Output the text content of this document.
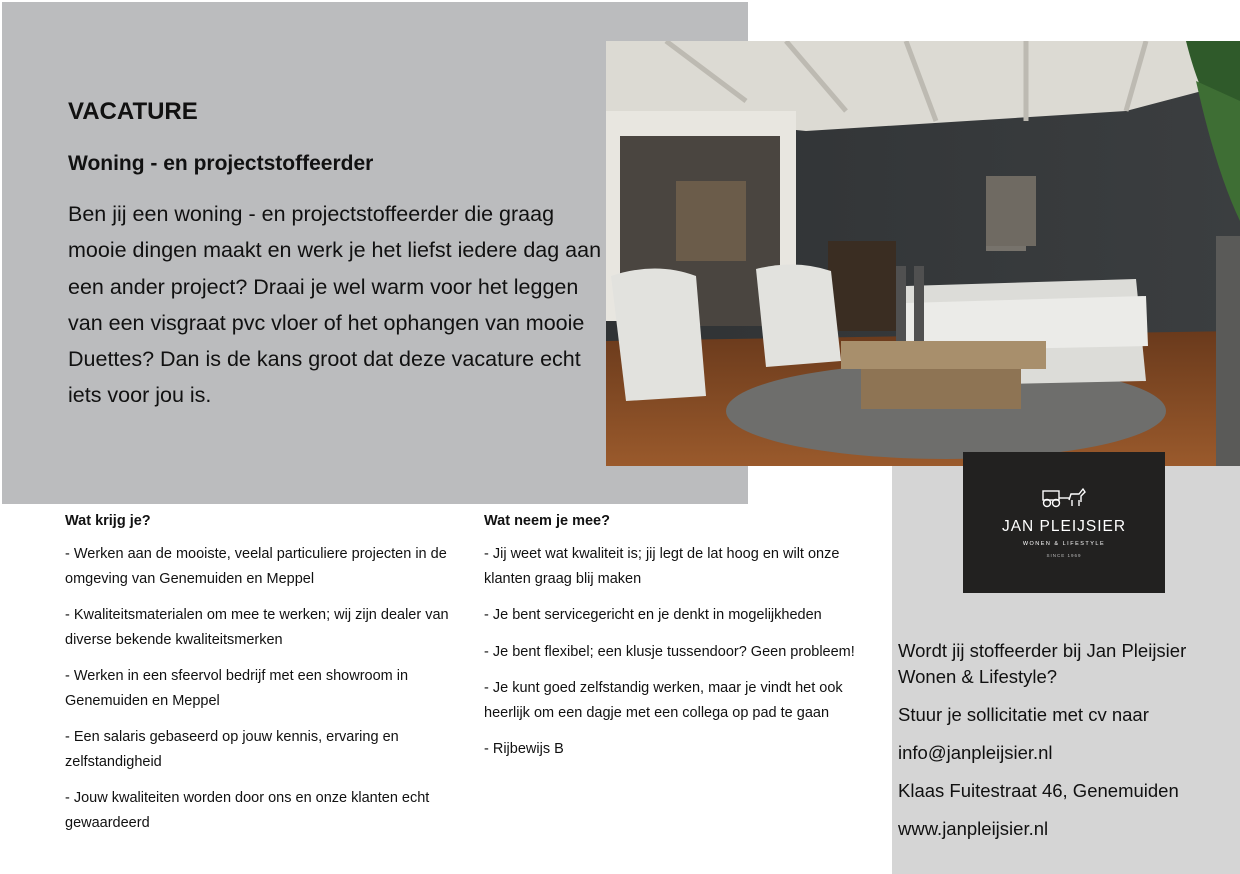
VACATURE
Woning - en projectstoffeerder

Ben jij een woning - en projectstoffeerder die graag mooie dingen maakt en werk je het liefst iedere dag aan een ander project? Draai je wel warm voor het leggen van een visgraat pvc vloer of het ophangen van mooie Duettes? Dan is de kans groot dat deze vacature echt iets voor jou is.

JAN PLEIJSIER
WONEN & LIFESTYLE
SINCE 1969
Wat krijg je?
- Werken aan de mooiste, veelal particuliere projecten in de omgeving van Genemuiden en Meppel
- Kwaliteitsmaterialen om mee te werken; wij zijn dealer van diverse bekende kwaliteitsmerken
- Werken in een sfeervol bedrijf met een showroom in Genemuiden en Meppel
- Een salaris gebaseerd op jouw kennis, ervaring en zelfstandigheid
- Jouw kwaliteiten worden door ons en onze klanten echt gewaardeerd
Wat neem je mee?
- Jij weet wat kwaliteit is; jij legt de lat hoog en wilt onze klanten graag blij maken
- Je bent servicegericht en je denkt in mogelijkheden
- Je bent flexibel; een klusje tussendoor? Geen probleem!
- Je kunt goed zelfstandig werken, maar je vindt het ook heerlijk om een dagje met een collega op pad te gaan
- Rijbewijs B
Wordt jij stoffeerder bij Jan Pleijsier Wonen & Lifestyle?
Stuur je sollicitatie met cv naar
info@janpleijsier.nl
Klaas Fuitestraat 46, Genemuiden
www.janpleijsier.nl
